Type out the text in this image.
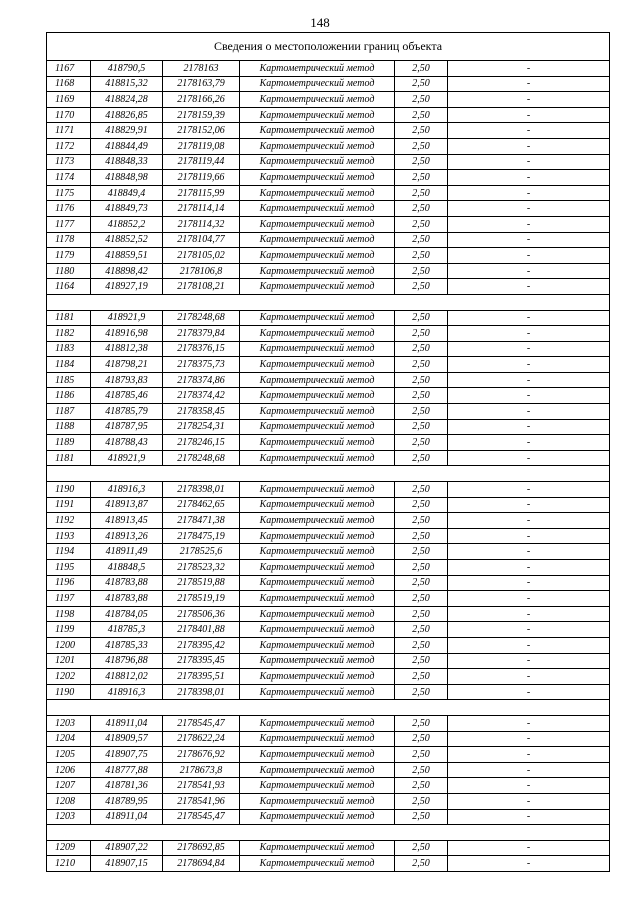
148
Сведения о местоположении границ объекта					
1167	418790,5	2178163	Картометрический метод	2,50	-
1168	418815,32	2178163,79	Картометрический метод	2,50	-
1169	418824,28	2178166,26	Картометрический метод	2,50	-
1170	418826,85	2178159,39	Картометрический метод	2,50	-
1171	418829,91	2178152,06	Картометрический метод	2,50	-
1172	418844,49	2178119,08	Картометрический метод	2,50	-
1173	418848,33	2178119,44	Картометрический метод	2,50	-
1174	418848,98	2178119,66	Картометрический метод	2,50	-
1175	418849,4	2178115,99	Картометрический метод	2,50	-
1176	418849,73	2178114,14	Картометрический метод	2,50	-
1177	418852,2	2178114,32	Картометрический метод	2,50	-
1178	418852,52	2178104,77	Картометрический метод	2,50	-
1179	418859,51	2178105,02	Картометрический метод	2,50	-
1180	418898,42	2178106,8	Картометрический метод	2,50	-
1164	418927,19	2178108,21	Картометрический метод	2,50	-

1181	418921,9	2178248,68	Картометрический метод	2,50	-
1182	418916,98	2178379,84	Картометрический метод	2,50	-
1183	418812,38	2178376,15	Картометрический метод	2,50	-
1184	418798,21	2178375,73	Картометрический метод	2,50	-
1185	418793,83	2178374,86	Картометрический метод	2,50	-
1186	418785,46	2178374,42	Картометрический метод	2,50	-
1187	418785,79	2178358,45	Картометрический метод	2,50	-
1188	418787,95	2178254,31	Картометрический метод	2,50	-
1189	418788,43	2178246,15	Картометрический метод	2,50	-
1181	418921,9	2178248,68	Картометрический метод	2,50	-

1190	418916,3	2178398,01	Картометрический метод	2,50	-
1191	418913,87	2178462,65	Картометрический метод	2,50	-
1192	418913,45	2178471,38	Картометрический метод	2,50	-
1193	418913,26	2178475,19	Картометрический метод	2,50	-
1194	418911,49	2178525,6	Картометрический метод	2,50	-
1195	418848,5	2178523,32	Картометрический метод	2,50	-
1196	418783,88	2178519,88	Картометрический метод	2,50	-
1197	418783,88	2178519,19	Картометрический метод	2,50	-
1198	418784,05	2178506,36	Картометрический метод	2,50	-
1199	418785,3	2178401,88	Картометрический метод	2,50	-
1200	418785,33	2178395,42	Картометрический метод	2,50	-
1201	418796,88	2178395,45	Картометрический метод	2,50	-
1202	418812,02	2178395,51	Картометрический метод	2,50	-
1190	418916,3	2178398,01	Картометрический метод	2,50	-

1203	418911,04	2178545,47	Картометрический метод	2,50	-
1204	418909,57	2178622,24	Картометрический метод	2,50	-
1205	418907,75	2178676,92	Картометрический метод	2,50	-
1206	418777,88	2178673,8	Картометрический метод	2,50	-
1207	418781,36	2178541,93	Картометрический метод	2,50	-
1208	418789,95	2178541,96	Картометрический метод	2,50	-
1203	418911,04	2178545,47	Картометрический метод	2,50	-

1209	418907,22	2178692,85	Картометрический метод	2,50	-
1210	418907,15	2178694,84	Картометрический метод	2,50	-
